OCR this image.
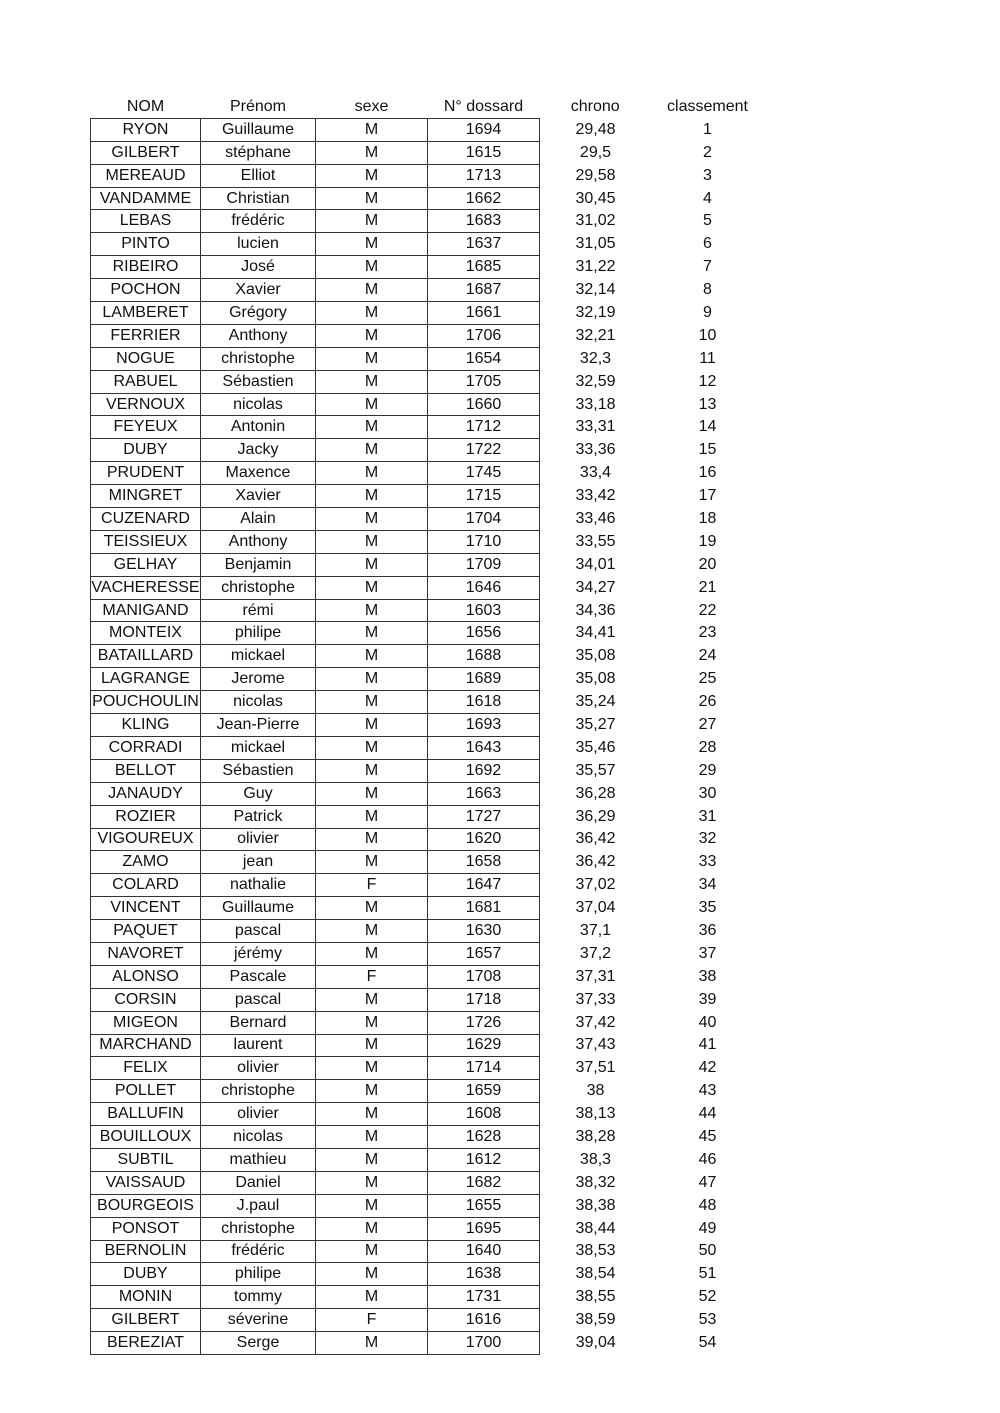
NOM	Prénom	sexe	N° dossard	chrono	classement
RYON	Guillaume	M	1694	29,48	1
GILBERT	stéphane	M	1615	29,5	2
MEREAUD	Elliot	M	1713	29,58	3
VANDAMME	Christian	M	1662	30,45	4
LEBAS	frédéric	M	1683	31,02	5
PINTO	lucien	M	1637	31,05	6
RIBEIRO	José	M	1685	31,22	7
POCHON	Xavier	M	1687	32,14	8
LAMBERET	Grégory	M	1661	32,19	9
FERRIER	Anthony	M	1706	32,21	10
NOGUE	christophe	M	1654	32,3	11
RABUEL	Sébastien	M	1705	32,59	12
VERNOUX	nicolas	M	1660	33,18	13
FEYEUX	Antonin	M	1712	33,31	14
DUBY	Jacky	M	1722	33,36	15
PRUDENT	Maxence	M	1745	33,4	16
MINGRET	Xavier	M	1715	33,42	17
CUZENARD	Alain	M	1704	33,46	18
TEISSIEUX	Anthony	M	1710	33,55	19
GELHAY	Benjamin	M	1709	34,01	20
VACHERESSE	christophe	M	1646	34,27	21
MANIGAND	rémi	M	1603	34,36	22
MONTEIX	philipe	M	1656	34,41	23
BATAILLARD	mickael	M	1688	35,08	24
LAGRANGE	Jerome	M	1689	35,08	25
POUCHOULIN	nicolas	M	1618	35,24	26
KLING	Jean-Pierre	M	1693	35,27	27
CORRADI	mickael	M	1643	35,46	28
BELLOT	Sébastien	M	1692	35,57	29
JANAUDY	Guy	M	1663	36,28	30
ROZIER	Patrick	M	1727	36,29	31
VIGOUREUX	olivier	M	1620	36,42	32
ZAMO	jean	M	1658	36,42	33
COLARD	nathalie	F	1647	37,02	34
VINCENT	Guillaume	M	1681	37,04	35
PAQUET	pascal	M	1630	37,1	36
NAVORET	jérémy	M	1657	37,2	37
ALONSO	Pascale	F	1708	37,31	38
CORSIN	pascal	M	1718	37,33	39
MIGEON	Bernard	M	1726	37,42	40
MARCHAND	laurent	M	1629	37,43	41
FELIX	olivier	M	1714	37,51	42
POLLET	christophe	M	1659	38	43
BALLUFIN	olivier	M	1608	38,13	44
BOUILLOUX	nicolas	M	1628	38,28	45
SUBTIL	mathieu	M	1612	38,3	46
VAISSAUD	Daniel	M	1682	38,32	47
BOURGEOIS	J.paul	M	1655	38,38	48
PONSOT	christophe	M	1695	38,44	49
BERNOLIN	frédéric	M	1640	38,53	50
DUBY	philipe	M	1638	38,54	51
MONIN	tommy	M	1731	38,55	52
GILBERT	séverine	F	1616	38,59	53
BEREZIAT	Serge	M	1700	39,04	54
